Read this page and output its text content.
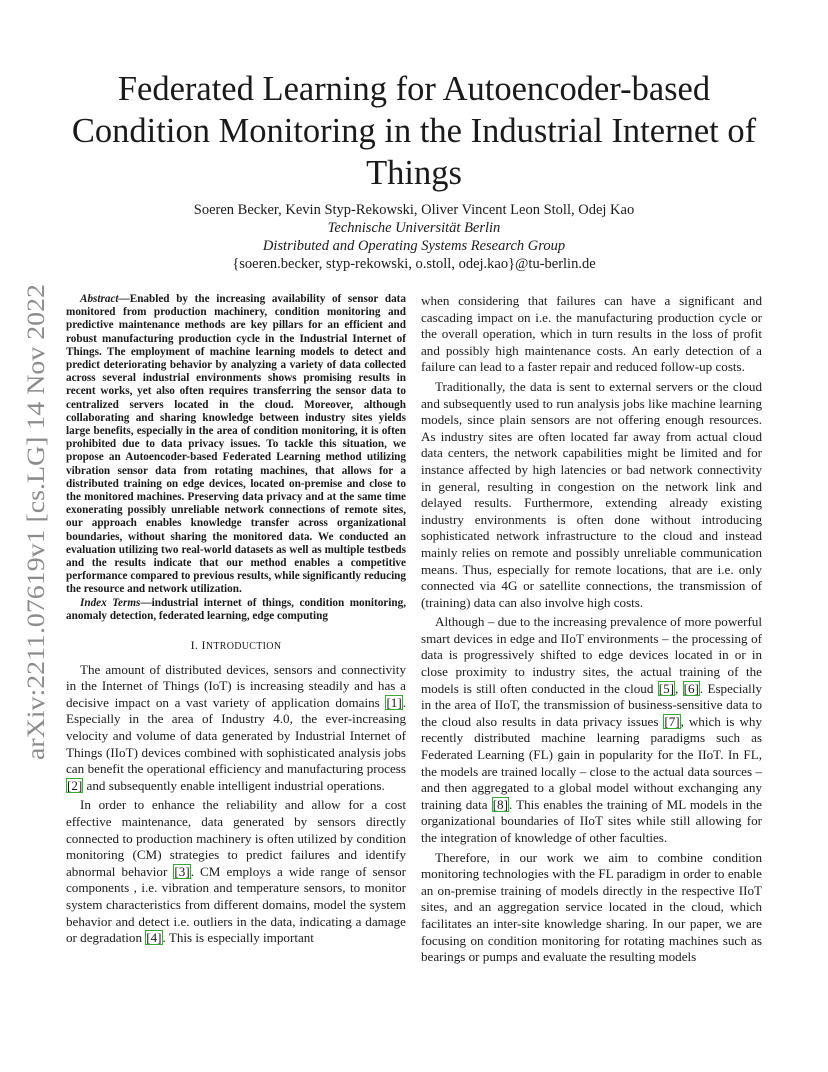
arXiv:2211.07619v1 [cs.LG] 14 Nov 2022
Federated Learning for Autoencoder-based Condition Monitoring in the Industrial Internet of Things
Soeren Becker, Kevin Styp-Rekowski, Oliver Vincent Leon Stoll, Odej Kao
Technische Universität Berlin
Distributed and Operating Systems Research Group
{soeren.becker, styp-rekowski, o.stoll, odej.kao}@tu-berlin.de

Abstract—Enabled by the increasing availability of sensor data monitored from production machinery, condition monitoring and predictive maintenance methods are key pillars for an efficient and robust manufacturing production cycle in the Industrial Internet of Things. The employment of machine learning models to detect and predict deteriorating behavior by analyzing a variety of data collected across several industrial environments shows promising results in recent works, yet also often requires transferring the sensor data to centralized servers located in the cloud. Moreover, although collaborating and sharing knowledge between industry sites yields large benefits, especially in the area of condition monitoring, it is often prohibited due to data privacy issues. To tackle this situation, we propose an Autoencoder-based Federated Learning method utilizing vibration sensor data from rotating machines, that allows for a distributed training on edge devices, located on-premise and close to the monitored machines. Preserving data privacy and at the same time exonerating possibly unreliable network connections of remote sites, our approach enables knowledge transfer across organizational boundaries, without sharing the monitored data. We conducted an evaluation utilizing two real-world datasets as well as multiple testbeds and the results indicate that our method enables a competitive performance compared to previous results, while significantly reducing the resource and network utilization.

Index Terms—industrial internet of things, condition monitoring, anomaly detection, federated learning, edge computing

I. INTRODUCTION

The amount of distributed devices, sensors and connectivity in the Internet of Things (IoT) is increasing steadily and has a decisive impact on a vast variety of application domains [1]. Especially in the area of Industry 4.0, the ever-increasing velocity and volume of data generated by Industrial Internet of Things (IIoT) devices combined with sophisticated analysis jobs can benefit the operational efficiency and manufacturing process [2] and subsequently enable intelligent industrial operations.

In order to enhance the reliability and allow for a cost effective maintenance, data generated by sensors directly connected to production machinery is often utilized by condition monitoring (CM) strategies to predict failures and identify abnormal behavior [3]. CM employs a wide range of sensor components , i.e. vibration and temperature sensors, to monitor system characteristics from different domains, model the system behavior and detect i.e. outliers in the data, indicating a damage or degradation [4]. This is especially important

when considering that failures can have a significant and cascading impact on i.e. the manufacturing production cycle or the overall operation, which in turn results in the loss of profit and possibly high maintenance costs. An early detection of a failure can lead to a faster repair and reduced follow-up costs.

Traditionally, the data is sent to external servers or the cloud and subsequently used to run analysis jobs like machine learning models, since plain sensors are not offering enough resources. As industry sites are often located far away from actual cloud data centers, the network capabilities might be limited and for instance affected by high latencies or bad network connectivity in general, resulting in congestion on the network link and delayed results. Furthermore, extending already existing industry environments is often done without introducing sophisticated network infrastructure to the cloud and instead mainly relies on remote and possibly unreliable communication means. Thus, especially for remote locations, that are i.e. only connected via 4G or satellite connections, the transmission of (training) data can also involve high costs.

Although – due to the increasing prevalence of more powerful smart devices in edge and IIoT environments – the processing of data is progressively shifted to edge devices located in or in close proximity to industry sites, the actual training of the models is still often conducted in the cloud [5], [6]. Especially in the area of IIoT, the transmission of business-sensitive data to the cloud also results in data privacy issues [7], which is why recently distributed machine learning paradigms such as Federated Learning (FL) gain in popularity for the IIoT. In FL, the models are trained locally – close to the actual data sources – and then aggregated to a global model without exchanging any training data [8]. This enables the training of ML models in the organizational boundaries of IIoT sites while still allowing for the integration of knowledge of other faculties.

Therefore, in our work we aim to combine condition monitoring technologies with the FL paradigm in order to enable an on-premise training of models directly in the respective IIoT sites, and an aggregation service located in the cloud, which facilitates an inter-site knowledge sharing. In our paper, we are focusing on condition monitoring for rotating machines such as bearings or pumps and evaluate the resulting models
